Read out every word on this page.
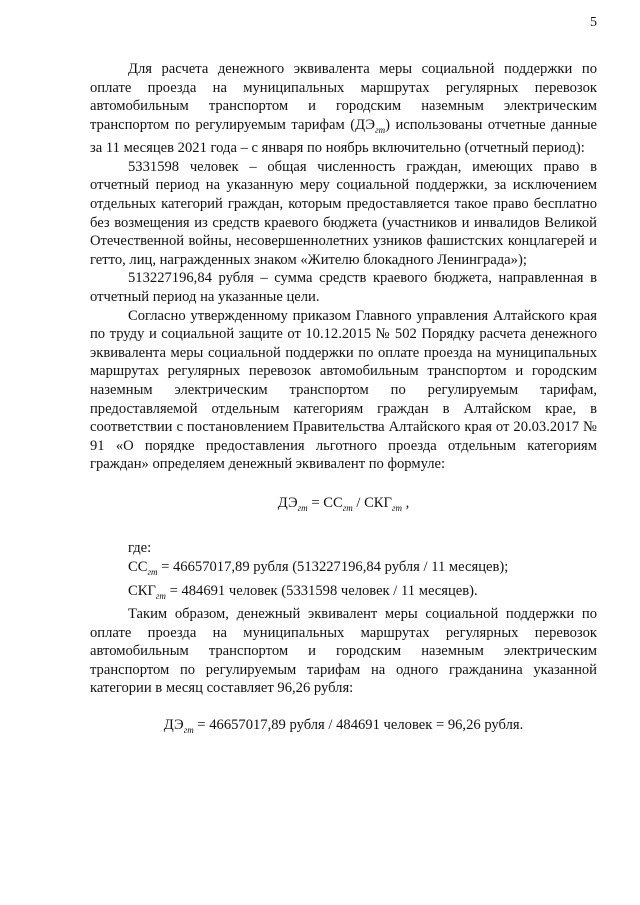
5

Для расчета денежного эквивалента меры социальной поддержки по оплате проезда на муниципальных маршрутах регулярных перевозок автомобильным транспортом и городским наземным электрическим транспортом по регулируемым тарифам $(ДЭ_{гт})$ использованы отчетные данные за 11 месяцев 2021 года – с января по ноябрь включительно (отчетный период):

5331598 человек – общая численность граждан, имеющих право в отчетный период на указанную меру социальной поддержки, за исключением отдельных категорий граждан, которым предоставляется такое право бесплатно без возмещения из средств краевого бюджета (участников и инвалидов Великой Отечественной войны, несовершеннолетних узников фашистских концлагерей и гетто, лиц, награжденных знаком «Жителю блокадного Ленинграда»);

513227196,84 рубля – сумма средств краевого бюджета, направленная в отчетный период на указанные цели.

Согласно утвержденному приказом Главного управления Алтайского края по труду и социальной защите от 10.12.2015 № 502 Порядку расчета денежного эквивалента меры социальной поддержки по оплате проезда на муниципальных маршрутах регулярных перевозок автомобильным транспортом и городским наземным электрическим транспортом по регулируемым тарифам, предоставляемой отдельным категориям граждан в Алтайском крае, в соответствии с постановлением Правительства Алтайского края от 20.03.2017 № 91 «О порядке предоставления льготного проезда отдельным категориям граждан» определяем денежный эквивалент по формуле:

$ДЭ_{гт} = СС_{гт} / СКГ_{гт}$ ,

где:

$СС_{гт} = 46657017,89$ рубля (513227196,84 рубля / 11 месяцев);

$СКГ_{гт} = 484691$ человек (5331598 человек / 11 месяцев).

Таким образом, денежный эквивалент меры социальной поддержки по оплате проезда на муниципальных маршрутах регулярных перевозок автомобильным транспортом и городским наземным электрическим транспортом по регулируемым тарифам на одного гражданина указанной категории в месяц составляет 96,26 рубля:

$ДЭ_{гт} = 46657017,89$ рубля / 484691 человек = 96,26 рубля.
